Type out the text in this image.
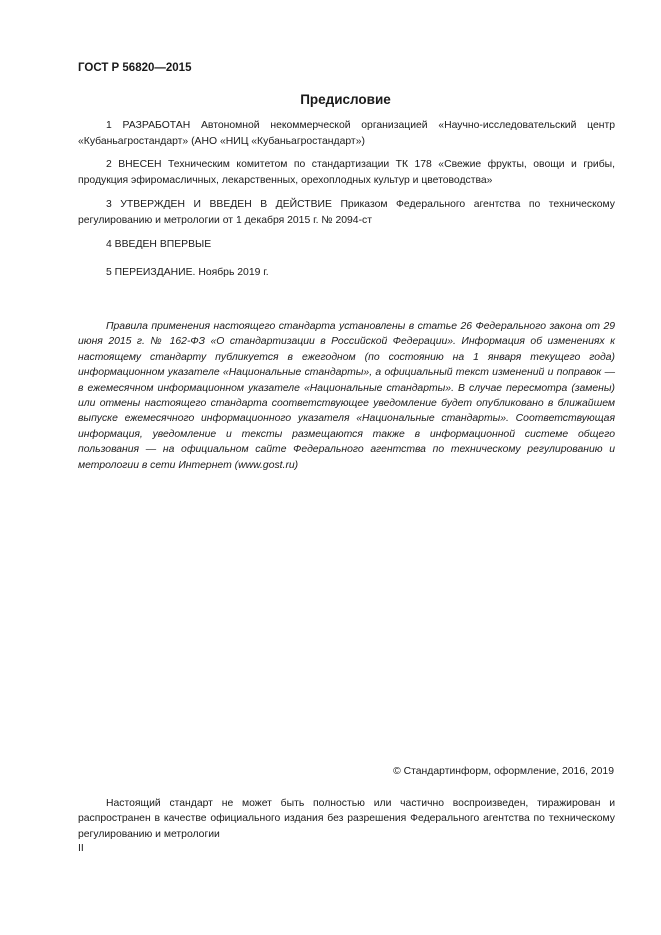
ГОСТ Р 56820—2015
Предисловие
1 РАЗРАБОТАН Автономной некоммерческой организацией «Научно-исследовательский центр «Кубаньагростандарт» (АНО «НИЦ «Кубаньагростандарт»)
2 ВНЕСЕН Техническим комитетом по стандартизации ТК 178 «Свежие фрукты, овощи и грибы, продукция эфиромасличных, лекарственных, орехоплодных культур и цветоводства»
3 УТВЕРЖДЕН И ВВЕДЕН В ДЕЙСТВИЕ Приказом Федерального агентства по техническому регулированию и метрологии от 1 декабря 2015 г. № 2094-ст
4 ВВЕДЕН ВПЕРВЫЕ
5 ПЕРЕИЗДАНИЕ. Ноябрь 2019 г.
Правила применения настоящего стандарта установлены в статье 26 Федерального закона от 29 июня 2015 г. № 162-ФЗ «О стандартизации в Российской Федерации». Информация об изменениях к настоящему стандарту публикуется в ежегодном (по состоянию на 1 января текущего года) информационном указателе «Национальные стандарты», а официальный текст изменений и поправок — в ежемесячном информационном указателе «Национальные стандарты». В случае пересмотра (замены) или отмены настоящего стандарта соответствующее уведомление будет опубликовано в ближайшем выпуске ежемесячного информационного указателя «Национальные стандарты». Соответствующая информация, уведомление и тексты размещаются также в информационной системе общего пользования — на официальном сайте Федерального агентства по техническому регулированию и метрологии в сети Интернет (www.gost.ru)
© Стандартинформ, оформление, 2016, 2019
Настоящий стандарт не может быть полностью или частично воспроизведен, тиражирован и распространен в качестве официального издания без разрешения Федерального агентства по техническому регулированию и метрологии
II
